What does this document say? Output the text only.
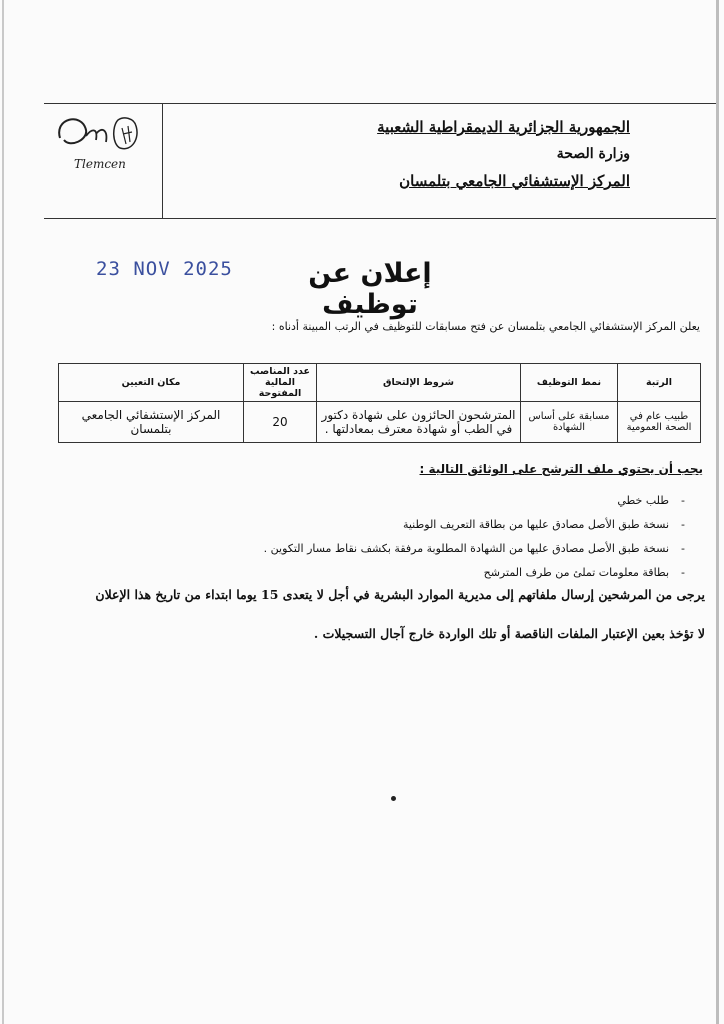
Tlemcen
الجمهورية الجزائرية الديمقراطية الشعبية
وزارة الصحة
المركز الإستشفائي الجامعي بتلمسان
23 NOV 2025	إعلان عن توظيف
يعلن المركز الإستشفائي الجامعي بتلمسان عن فتح مسابقات للتوظيف في الرتب المبينة أدناه :
الرتبة	نمط التوظيف	شروط الإلتحاق	عدد المناصب المالية المفتوحة	مكان التعيين
طبيب عام في الصحة العمومية	مسابقة على أساس الشهادة	المترشحون الحائزون على شهادة دكتور في الطب أو شهادة معترف بمعادلتها .	20	المركز الإستشفائي الجامعي بتلمسان
يجب أن يحتوي ملف الترشح على الوثائق التالية :
-طلب خطي
-نسخة طبق الأصل مصادق عليها من بطاقة التعريف الوطنية
-نسخة طبق الأصل مصادق عليها من الشهادة المطلوبة مرفقة بكشف نقاط مسار التكوين .
-بطاقة معلومات تملئ من طرف المترشح
يرجى من المرشحين إرسال ملفاتهم إلى مديرية الموارد البشرية في أجل لا يتعدى 15 يوما ابتداء من تاريخ هذا الإعلان
لا تؤخذ بعين الإعتبار الملفات الناقصة أو تلك الواردة خارج آجال التسجيلات .
